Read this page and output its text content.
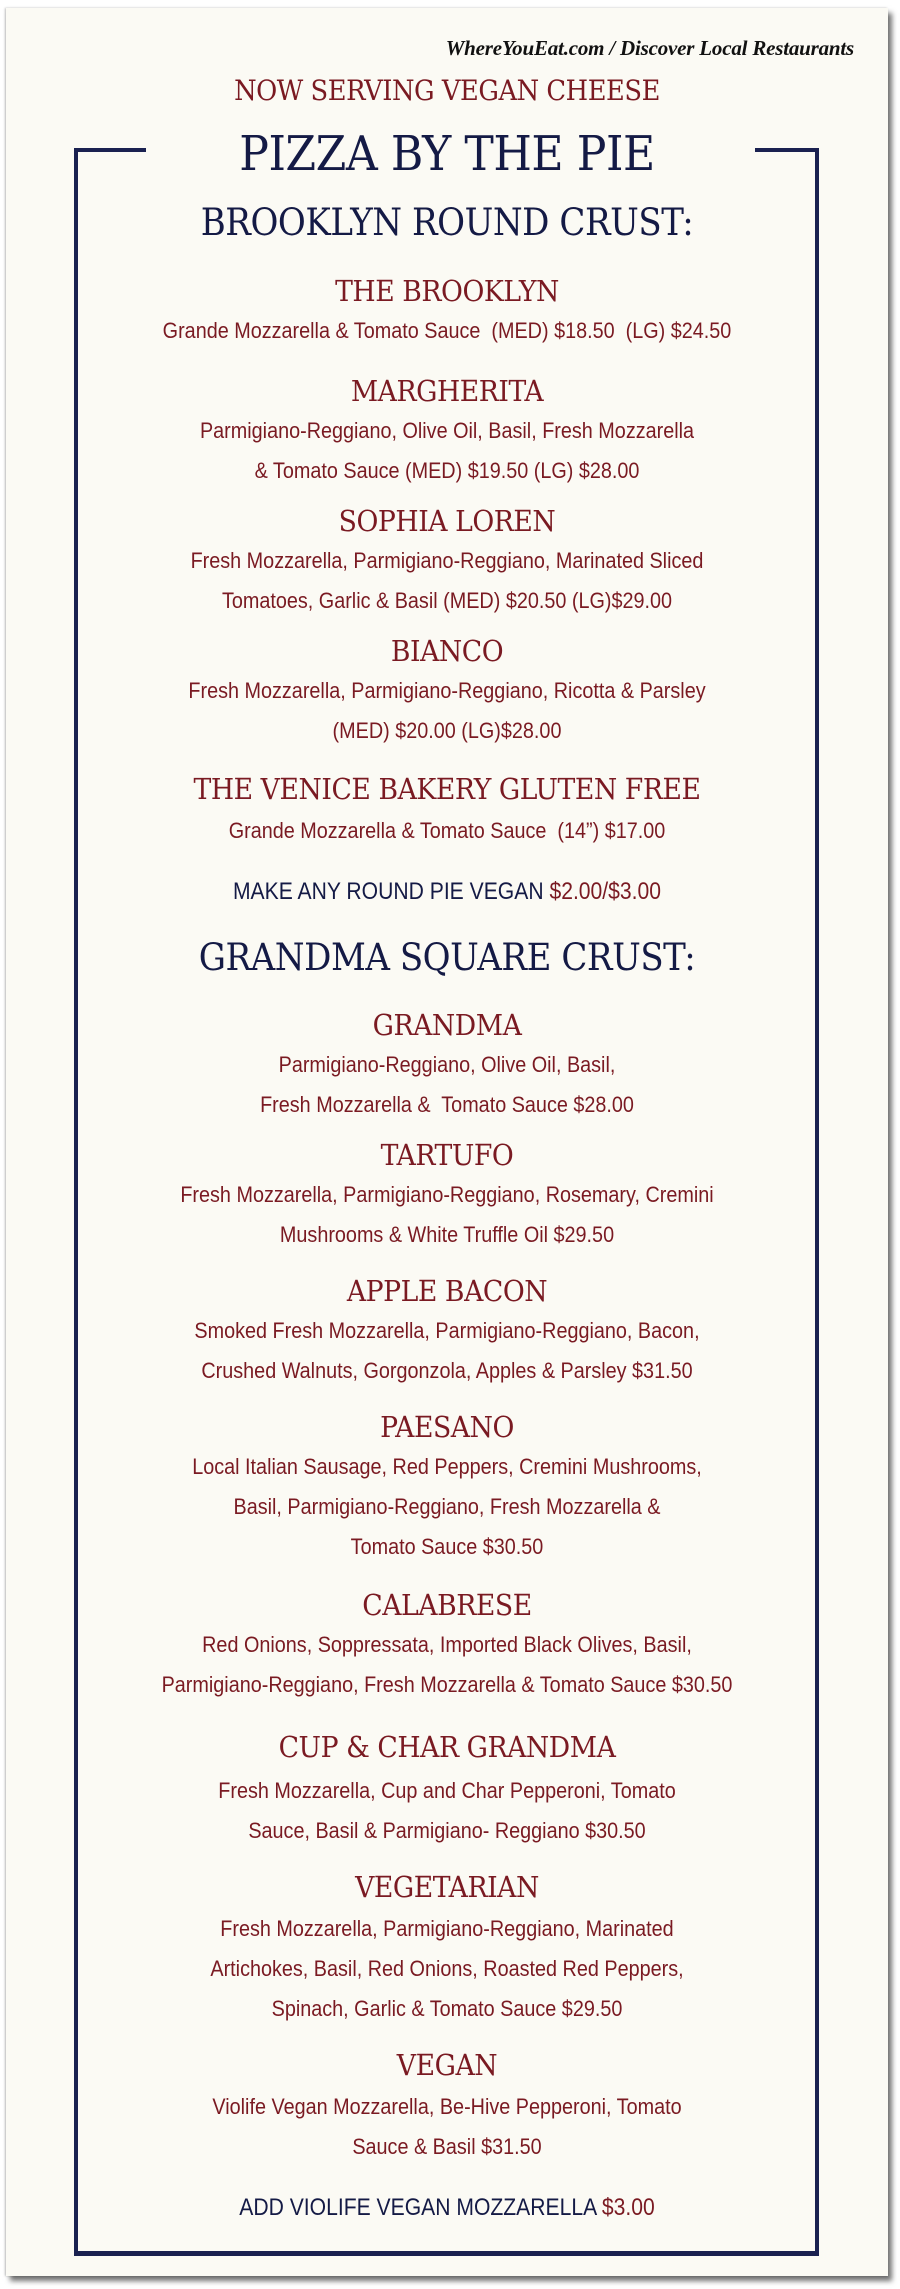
WhereYouEat.com / Discover Local Restaurants
NOW SERVING VEGAN CHEESE
PIZZA BY THE PIE
BROOKLYN ROUND CRUST:
THE BROOKLYN
Grande Mozzarella & Tomato Sauce  (MED) $18.50  (LG) $24.50
MARGHERITA
Parmigiano-Reggiano, Olive Oil, Basil, Fresh Mozzarella
& Tomato Sauce (MED) $19.50 (LG) $28.00
SOPHIA LOREN
Fresh Mozzarella, Parmigiano-Reggiano, Marinated Sliced
Tomatoes, Garlic & Basil (MED) $20.50 (LG)$29.00
BIANCO
Fresh Mozzarella, Parmigiano-Reggiano, Ricotta & Parsley
(MED) $20.00 (LG)$28.00
THE VENICE BAKERY GLUTEN FREE
Grande Mozzarella & Tomato Sauce  (14”) $17.00
MAKE ANY ROUND PIE VEGAN $2.00/$3.00
GRANDMA SQUARE CRUST:
GRANDMA
Parmigiano-Reggiano, Olive Oil, Basil,
Fresh Mozzarella &  Tomato Sauce $28.00
TARTUFO
Fresh Mozzarella, Parmigiano-Reggiano, Rosemary, Cremini
Mushrooms & White Truffle Oil $29.50
APPLE BACON
Smoked Fresh Mozzarella, Parmigiano-Reggiano, Bacon,
Crushed Walnuts, Gorgonzola, Apples & Parsley $31.50
PAESANO
Local Italian Sausage, Red Peppers, Cremini Mushrooms,
Basil, Parmigiano-Reggiano, Fresh Mozzarella &
Tomato Sauce $30.50
CALABRESE
Red Onions, Soppressata, Imported Black Olives, Basil,
Parmigiano-Reggiano, Fresh Mozzarella & Tomato Sauce $30.50
CUP & CHAR GRANDMA
Fresh Mozzarella, Cup and Char Pepperoni, Tomato
Sauce, Basil & Parmigiano- Reggiano $30.50
VEGETARIAN
Fresh Mozzarella, Parmigiano-Reggiano, Marinated
Artichokes, Basil, Red Onions, Roasted Red Peppers,
Spinach, Garlic & Tomato Sauce $29.50
VEGAN
Violife Vegan Mozzarella, Be-Hive Pepperoni, Tomato
Sauce & Basil $31.50
ADD VIOLIFE VEGAN MOZZARELLA $3.00
